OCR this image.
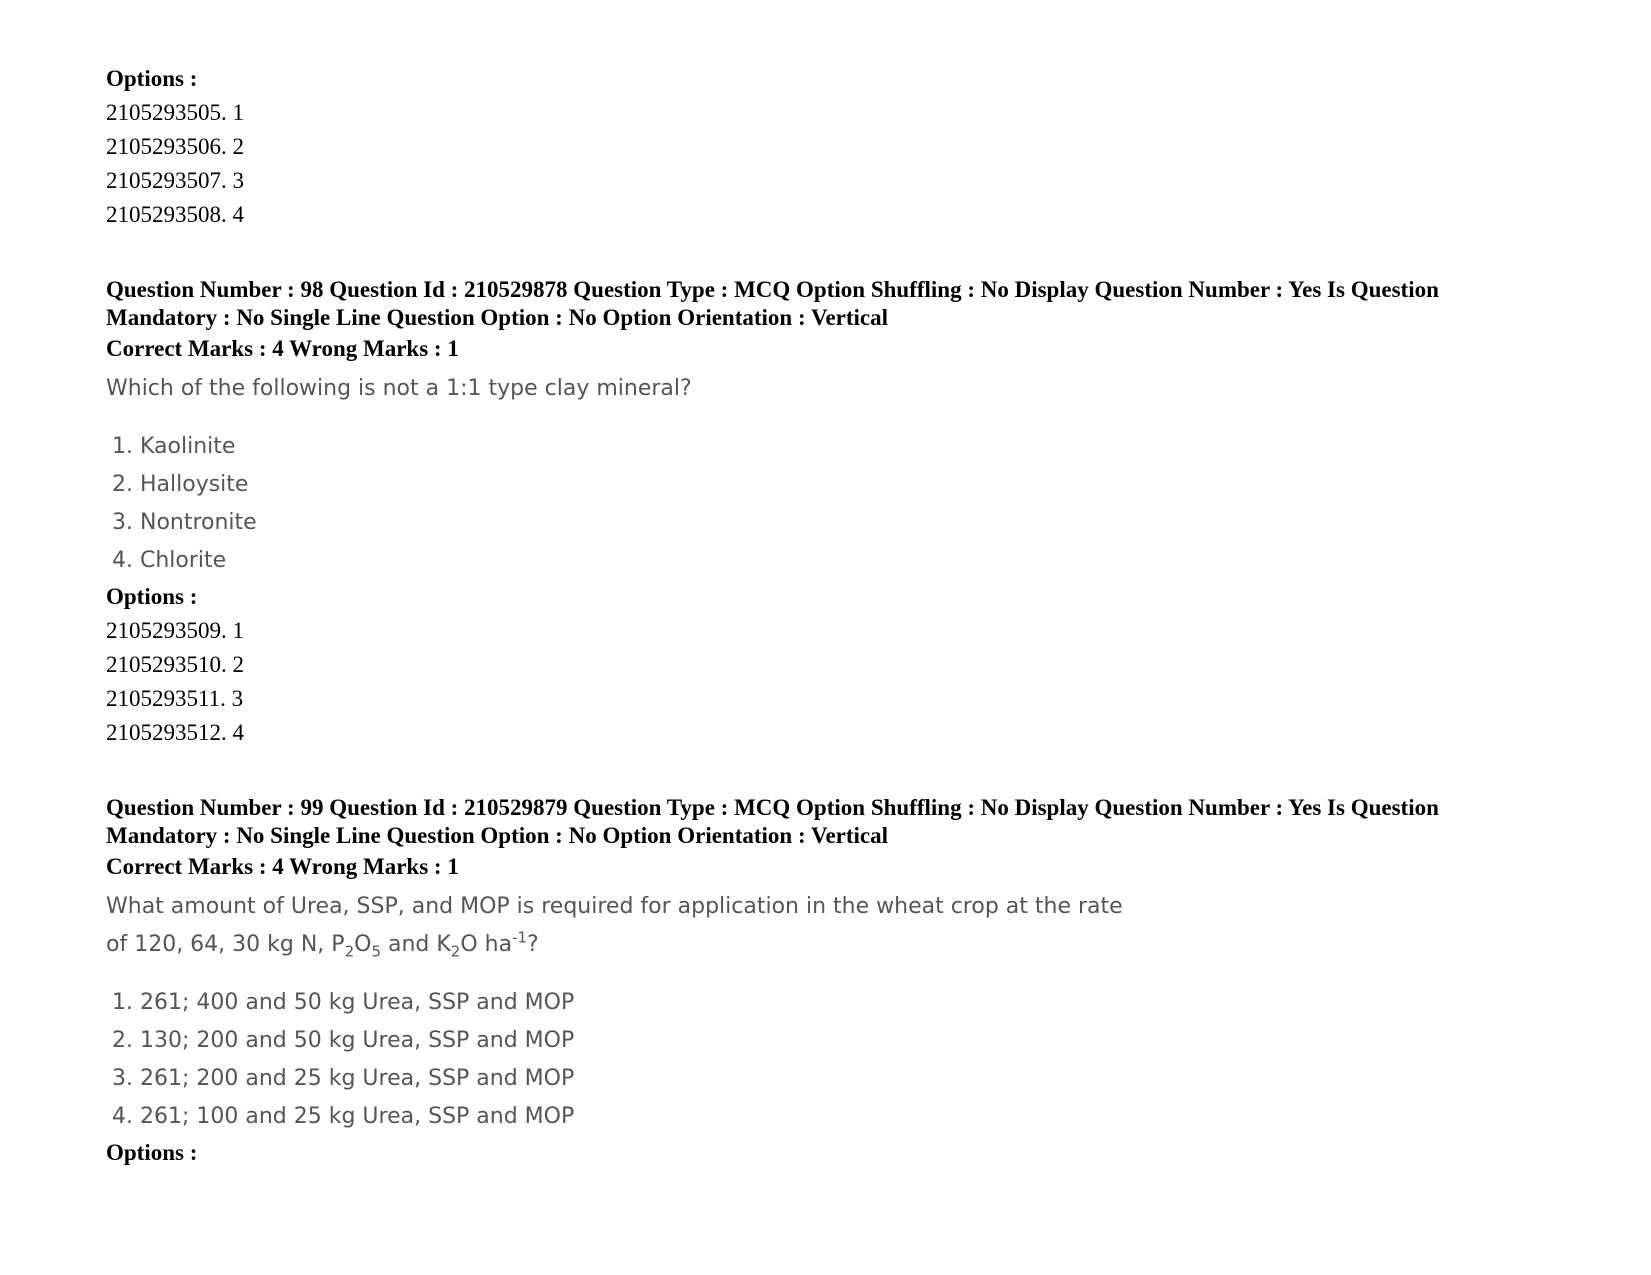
Options :

2105293505. 1

2105293506. 2

2105293507. 3

2105293508. 4

Question Number : 98 Question Id : 210529878 Question Type : MCQ Option Shuffling : No Display Question Number : Yes Is Question

Mandatory : No Single Line Question Option : No Option Orientation : Vertical

Correct Marks : 4 Wrong Marks : 1

Which of the following is not a 1:1 type clay mineral?

1. Kaolinite

2. Halloysite

3. Nontronite

4. Chlorite

Options :

2105293509. 1

2105293510. 2

2105293511. 3

2105293512. 4

Question Number : 99 Question Id : 210529879 Question Type : MCQ Option Shuffling : No Display Question Number : Yes Is Question

Mandatory : No Single Line Question Option : No Option Orientation : Vertical

Correct Marks : 4 Wrong Marks : 1

What amount of Urea, SSP, and MOP is required for application in the wheat crop at the rate
of 120, 64, 30 kg N, $P_2O_5$ and $K_2O$ $ha^{-1}$?

1. 261; 400 and 50 kg Urea, SSP and MOP

2. 130; 200 and 50 kg Urea, SSP and MOP

3. 261; 200 and 25 kg Urea, SSP and MOP

4. 261; 100 and 25 kg Urea, SSP and MOP

Options :
